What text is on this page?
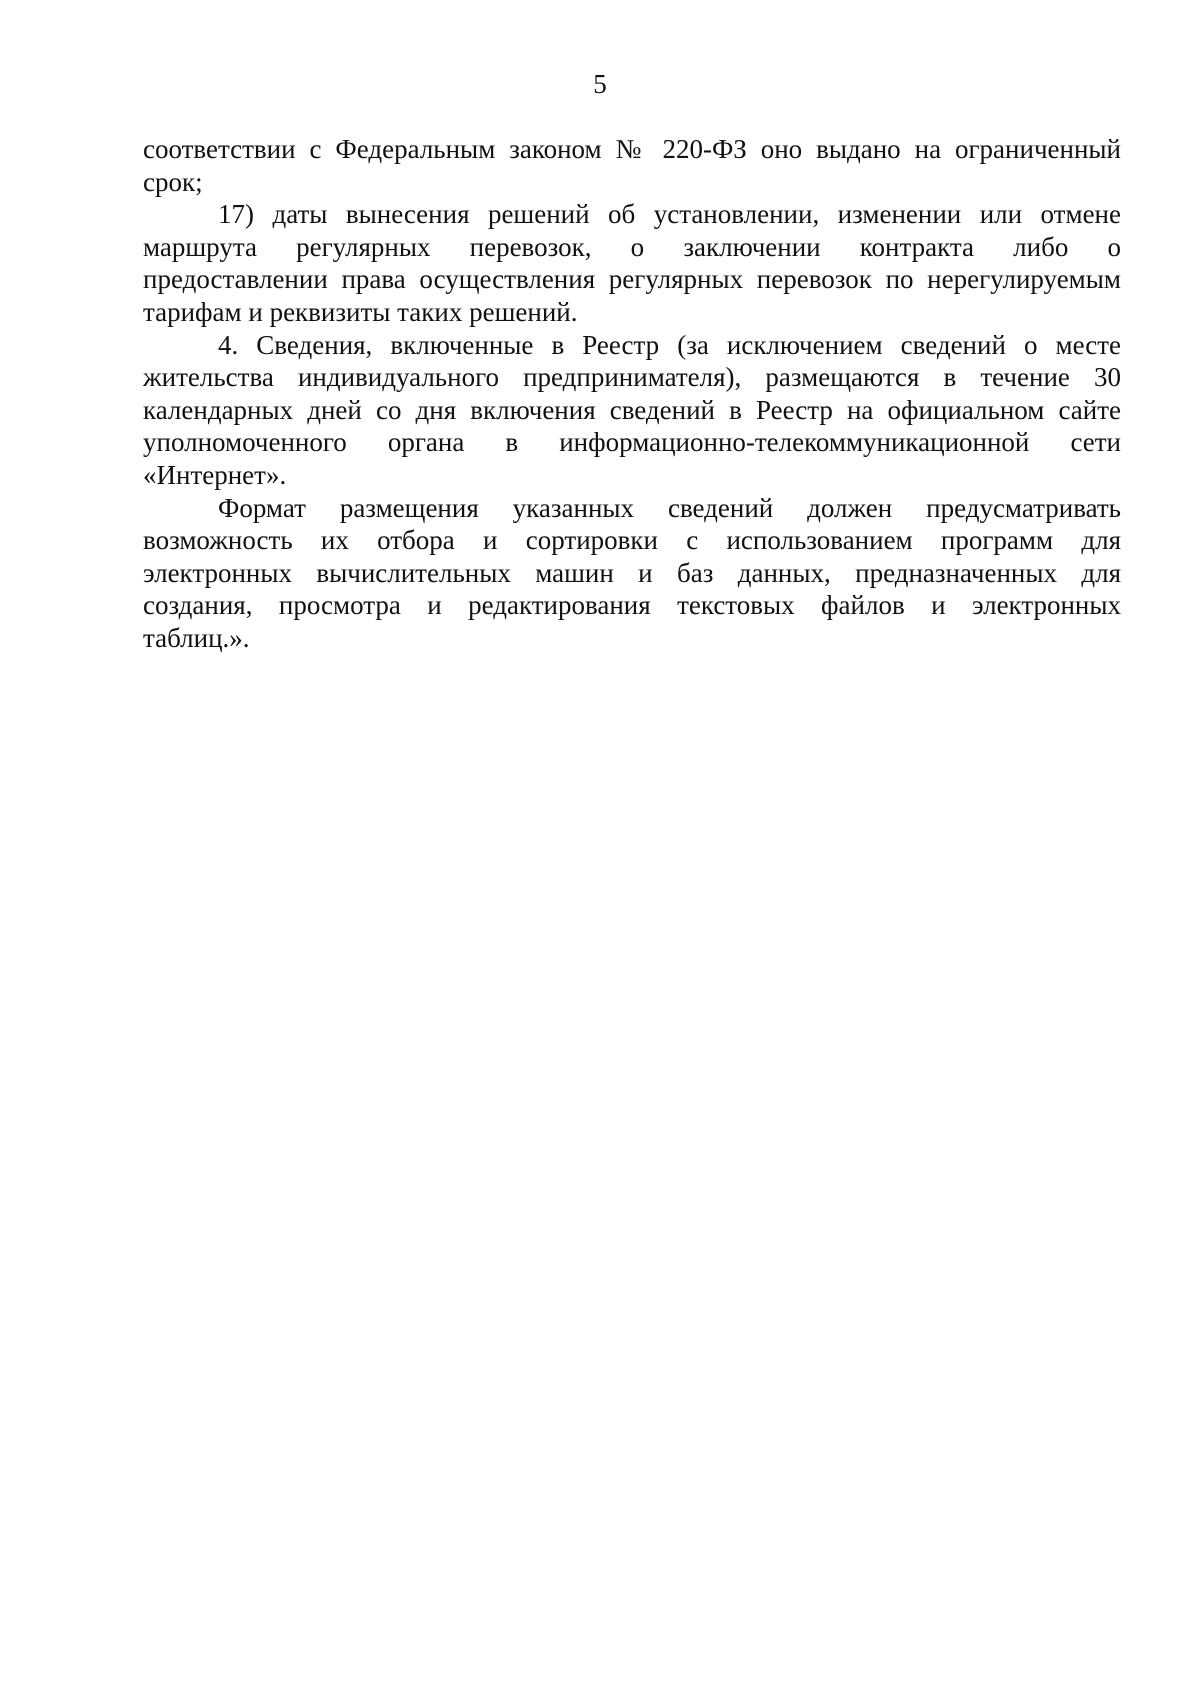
5

соответствии с Федеральным законом № 220-ФЗ оно выдано на ограниченный
срок;

17) даты вынесения решений об установлении, изменении или отмене
маршрута регулярных перевозок, о заключении контракта либо о
предоставлении права осуществления регулярных перевозок по нерегулируемым
тарифам и реквизиты таких решений.

4. Сведения, включенные в Реестр (за исключением сведений о месте
жительства индивидуального предпринимателя), размещаются в течение 30
календарных дней со дня включения сведений в Реестр на официальном сайте
уполномоченного органа в информационно-телекоммуникационной сети
«Интернет».

Формат размещения указанных сведений должен предусматривать
возможность их отбора и сортировки с использованием программ для
электронных вычислительных машин и баз данных, предназначенных для
создания, просмотра и редактирования текстовых файлов и электронных
таблиц.».
